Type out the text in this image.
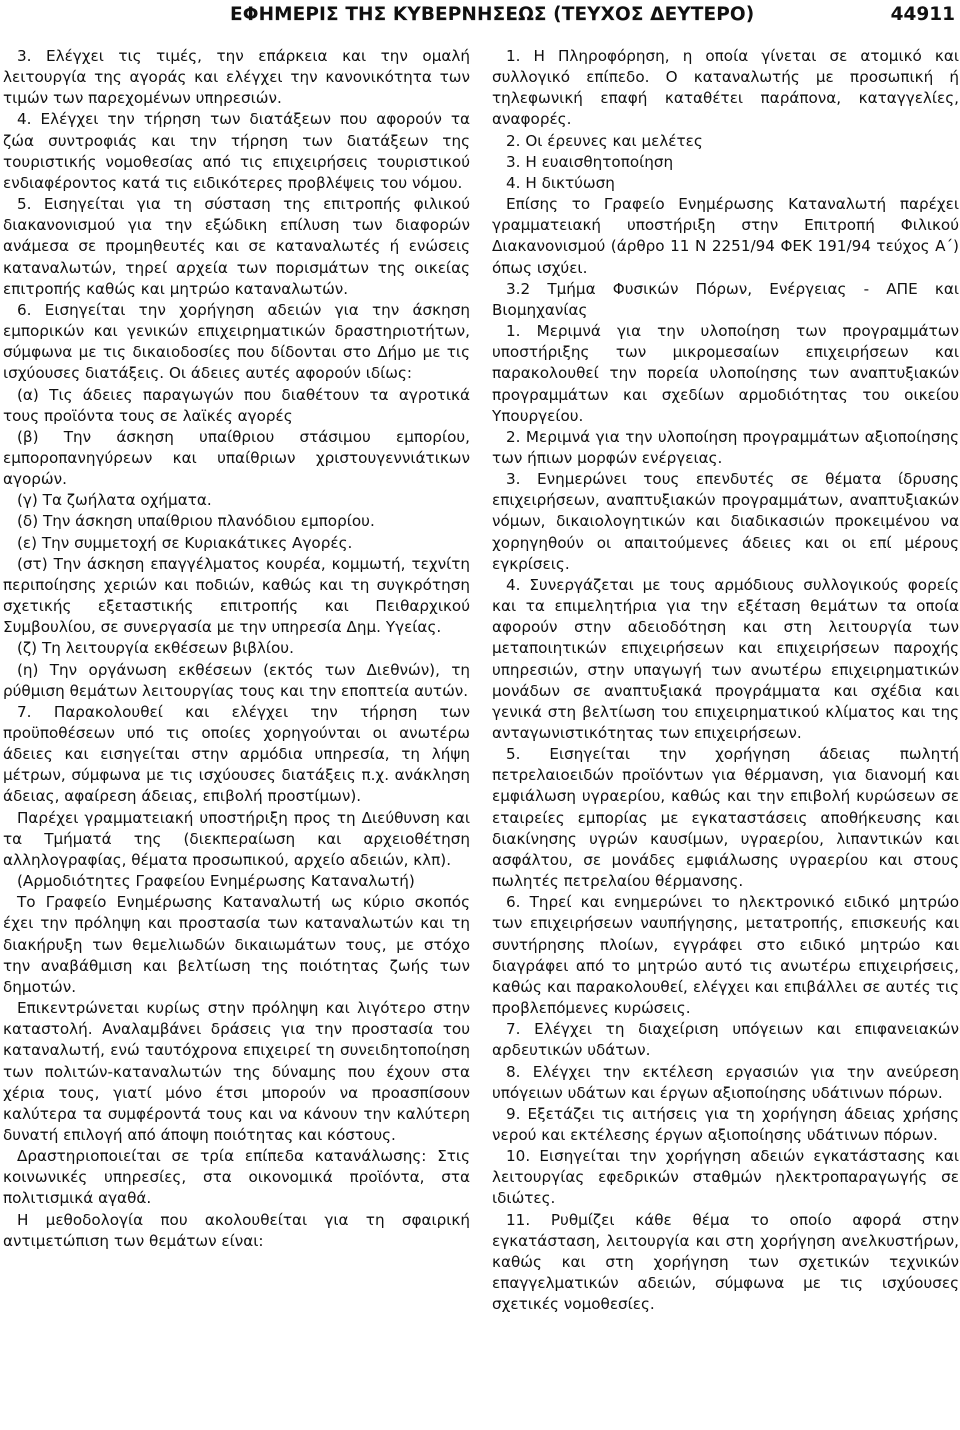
ΕΦΗΜΕΡΙΣ ΤΗΣ ΚΥΒΕΡΝΗΣΕΩΣ (ΤΕΥΧΟΣ ΔΕΥΤΕΡΟ)	44911

3. Ελέγχει τις τιμές, την επάρκεια και την ομαλή λειτουργία της αγοράς και ελέγχει την κανονικότητα των τιμών των παρεχομένων υπηρεσιών.

4. Ελέγχει την τήρηση των διατάξεων που αφορούν τα ζώα συντροφιάς και την τήρηση των διατάξεων της τουριστικής νομοθεσίας από τις επιχειρήσεις τουριστικού ενδιαφέροντος κατά τις ειδικότερες προβλέψεις του νόμου.

5. Εισηγείται για τη σύσταση της επιτροπής φιλικού διακανονισμού για την εξώδικη επίλυση των διαφορών ανάμεσα σε προμηθευτές και σε καταναλωτές ή ενώσεις καταναλωτών, τηρεί αρχεία των πορισμάτων της οικείας επιτροπής καθώς και μητρώο καταναλωτών.

6. Εισηγείται την χορήγηση αδειών για την άσκηση εμπορικών και γενικών επιχειρηματικών δραστηριοτήτων, σύμφωνα με τις δικαιοδοσίες που δίδονται στο Δήμο με τις ισχύουσες διατάξεις. Οι άδειες αυτές αφορούν ιδίως:

(α) Τις άδειες παραγωγών που διαθέτουν τα αγροτικά τους προϊόντα τους σε λαϊκές αγορές

(β) Την άσκηση υπαίθριου στάσιμου εμπορίου, εμποροπανηγύρεων και υπαίθριων χριστουγεννιάτικων αγορών.

(γ) Τα ζωήλατα οχήματα.

(δ) Την άσκηση υπαίθριου πλανόδιου εμπορίου.

(ε) Την συμμετοχή σε Κυριακάτικες Αγορές.

(στ) Την άσκηση επαγγέλματος κουρέα, κομμωτή, τεχνίτη περιποίησης χεριών και ποδιών, καθώς και τη συγκρότηση σχετικής εξεταστικής επιτροπής και Πειθαρχικού Συμβουλίου, σε συνεργασία με την υπηρεσία Δημ. Υγείας.

(ζ) Τη λειτουργία εκθέσεων βιβλίου.

(η) Την οργάνωση εκθέσεων (εκτός των Διεθνών), τη ρύθμιση θεμάτων λειτουργίας τους και την εποπτεία αυτών.

7. Παρακολουθεί και ελέγχει την τήρηση των προϋποθέσεων υπό τις οποίες χορηγούνται οι ανωτέρω άδειες και εισηγείται στην αρμόδια υπηρεσία, τη λήψη μέτρων, σύμφωνα με τις ισχύουσες διατάξεις π.χ. ανάκληση άδειας, αφαίρεση άδειας, επιβολή προστίμων).

Παρέχει γραμματειακή υποστήριξη προς τη Διεύθυνση και τα Τμήματά της (διεκπεραίωση και αρχειοθέτηση αλληλογραφίας, θέματα προσωπικού, αρχείο αδειών, κλπ).

(Αρμοδιότητες Γραφείου Ενημέρωσης Καταναλωτή)

Το Γραφείο Ενημέρωσης Καταναλωτή ως κύριο σκοπός έχει την πρόληψη και προστασία των καταναλωτών και τη διακήρυξη των θεμελιωδών δικαιωμάτων τους, με στόχο την αναβάθμιση και βελτίωση της ποιότητας ζωής των δημοτών.

Επικεντρώνεται κυρίως στην πρόληψη και λιγότερο στην καταστολή. Αναλαμβάνει δράσεις για την προστασία του καταναλωτή, ενώ ταυτόχρονα επιχειρεί τη συνειδητοποίηση των πολιτών-καταναλωτών της δύναμης που έχουν στα χέρια τους, γιατί μόνο έτσι μπορούν να προασπίσουν καλύτερα τα συμφέροντά τους και να κάνουν την καλύτερη δυνατή επιλογή από άποψη ποιότητας και κόστους.

Δραστηριοποιείται σε τρία επίπεδα κατανάλωσης: Στις κοινωνικές υπηρεσίες, στα οικονομικά προϊόντα, στα πολιτισμικά αγαθά.

Η μεθοδολογία που ακολουθείται για τη σφαιρική αντιμετώπιση των θεμάτων είναι:

1. Η Πληροφόρηση, η οποία γίνεται σε ατομικό και συλλογικό επίπεδο. Ο καταναλωτής με προσωπική ή τηλεφωνική επαφή καταθέτει παράπονα, καταγγελίες, αναφορές.

2. Οι έρευνες και μελέτες

3. Η ευαισθητοποίηση

4. Η δικτύωση

Επίσης το Γραφείο Ενημέρωσης Καταναλωτή παρέχει γραμματειακή υποστήριξη στην Επιτροπή Φιλικού Διακανονισμού (άρθρο 11 Ν 2251/94 ΦΕΚ 191/94 τεύχος Α΄) όπως ισχύει.

3.2 Τμήμα Φυσικών Πόρων, Ενέργειας - ΑΠΕ και Βιομηχανίας

1. Μεριμνά για την υλοποίηση των προγραμμάτων υποστήριξης των μικρομεσαίων επιχειρήσεων και παρακολουθεί την πορεία υλοποίησης των αναπτυξιακών προγραμμάτων και σχεδίων αρμοδιότητας του οικείου Υπουργείου.

2. Μεριμνά για την υλοποίηση προγραμμάτων αξιοποίησης των ήπιων μορφών ενέργειας.

3. Ενημερώνει τους επενδυτές σε θέματα ίδρυσης επιχειρήσεων, αναπτυξιακών προγραμμάτων, αναπτυξιακών νόμων, δικαιολογητικών και διαδικασιών προκειμένου να χορηγηθούν οι απαιτούμενες άδειες και οι επί μέρους εγκρίσεις.

4. Συνεργάζεται με τους αρμόδιους συλλογικούς φορείς και τα επιμελητήρια για την εξέταση θεμάτων τα οποία αφορούν στην αδειοδότηση και στη λειτουργία των μεταποιητικών επιχειρήσεων και επιχειρήσεων παροχής υπηρεσιών, στην υπαγωγή των ανωτέρω επιχειρηματικών μονάδων σε αναπτυξιακά προγράμματα και σχέδια και γενικά στη βελτίωση του επιχειρηματικού κλίματος και της ανταγωνιστικότητας των επιχειρήσεων.

5. Εισηγείται την χορήγηση άδειας πωλητή πετρελαιοειδών προϊόντων για θέρμανση, για διανομή και εμφιάλωση υγραερίου, καθώς και την επιβολή κυρώσεων σε εταιρείες εμπορίας με εγκαταστάσεις αποθήκευσης και διακίνησης υγρών καυσίμων, υγραερίου, λιπαντικών και ασφάλτου, σε μονάδες εμφιάλωσης υγραερίου και στους πωλητές πετρελαίου θέρμανσης.

6. Τηρεί και ενημερώνει το ηλεκτρονικό ειδικό μητρώο των επιχειρήσεων ναυπήγησης, μετατροπής, επισκευής και συντήρησης πλοίων, εγγράφει στο ειδικό μητρώο και διαγράφει από το μητρώο αυτό τις ανωτέρω επιχειρήσεις, καθώς και παρακολουθεί, ελέγχει και επιβάλλει σε αυτές τις προβλεπόμενες κυρώσεις.

7. Ελέγχει τη διαχείριση υπόγειων και επιφανειακών αρδευτικών υδάτων.

8. Ελέγχει την εκτέλεση εργασιών για την ανεύρεση υπόγειων υδάτων και έργων αξιοποίησης υδάτινων πόρων.

9. Εξετάζει τις αιτήσεις για τη χορήγηση άδειας χρήσης νερού και εκτέλεσης έργων αξιοποίησης υδάτινων πόρων.

10. Εισηγείται την χορήγηση αδειών εγκατάστασης και λειτουργίας εφεδρικών σταθμών ηλεκτροπαραγωγής σε ιδιώτες.

11. Ρυθμίζει κάθε θέμα το οποίο αφορά στην εγκατάσταση, λειτουργία και στη χορήγηση ανελκυστήρων, καθώς και στη χορήγηση των σχετικών τεχνικών επαγγελματικών αδειών, σύμφωνα με τις ισχύουσες σχετικές νομοθεσίες.
